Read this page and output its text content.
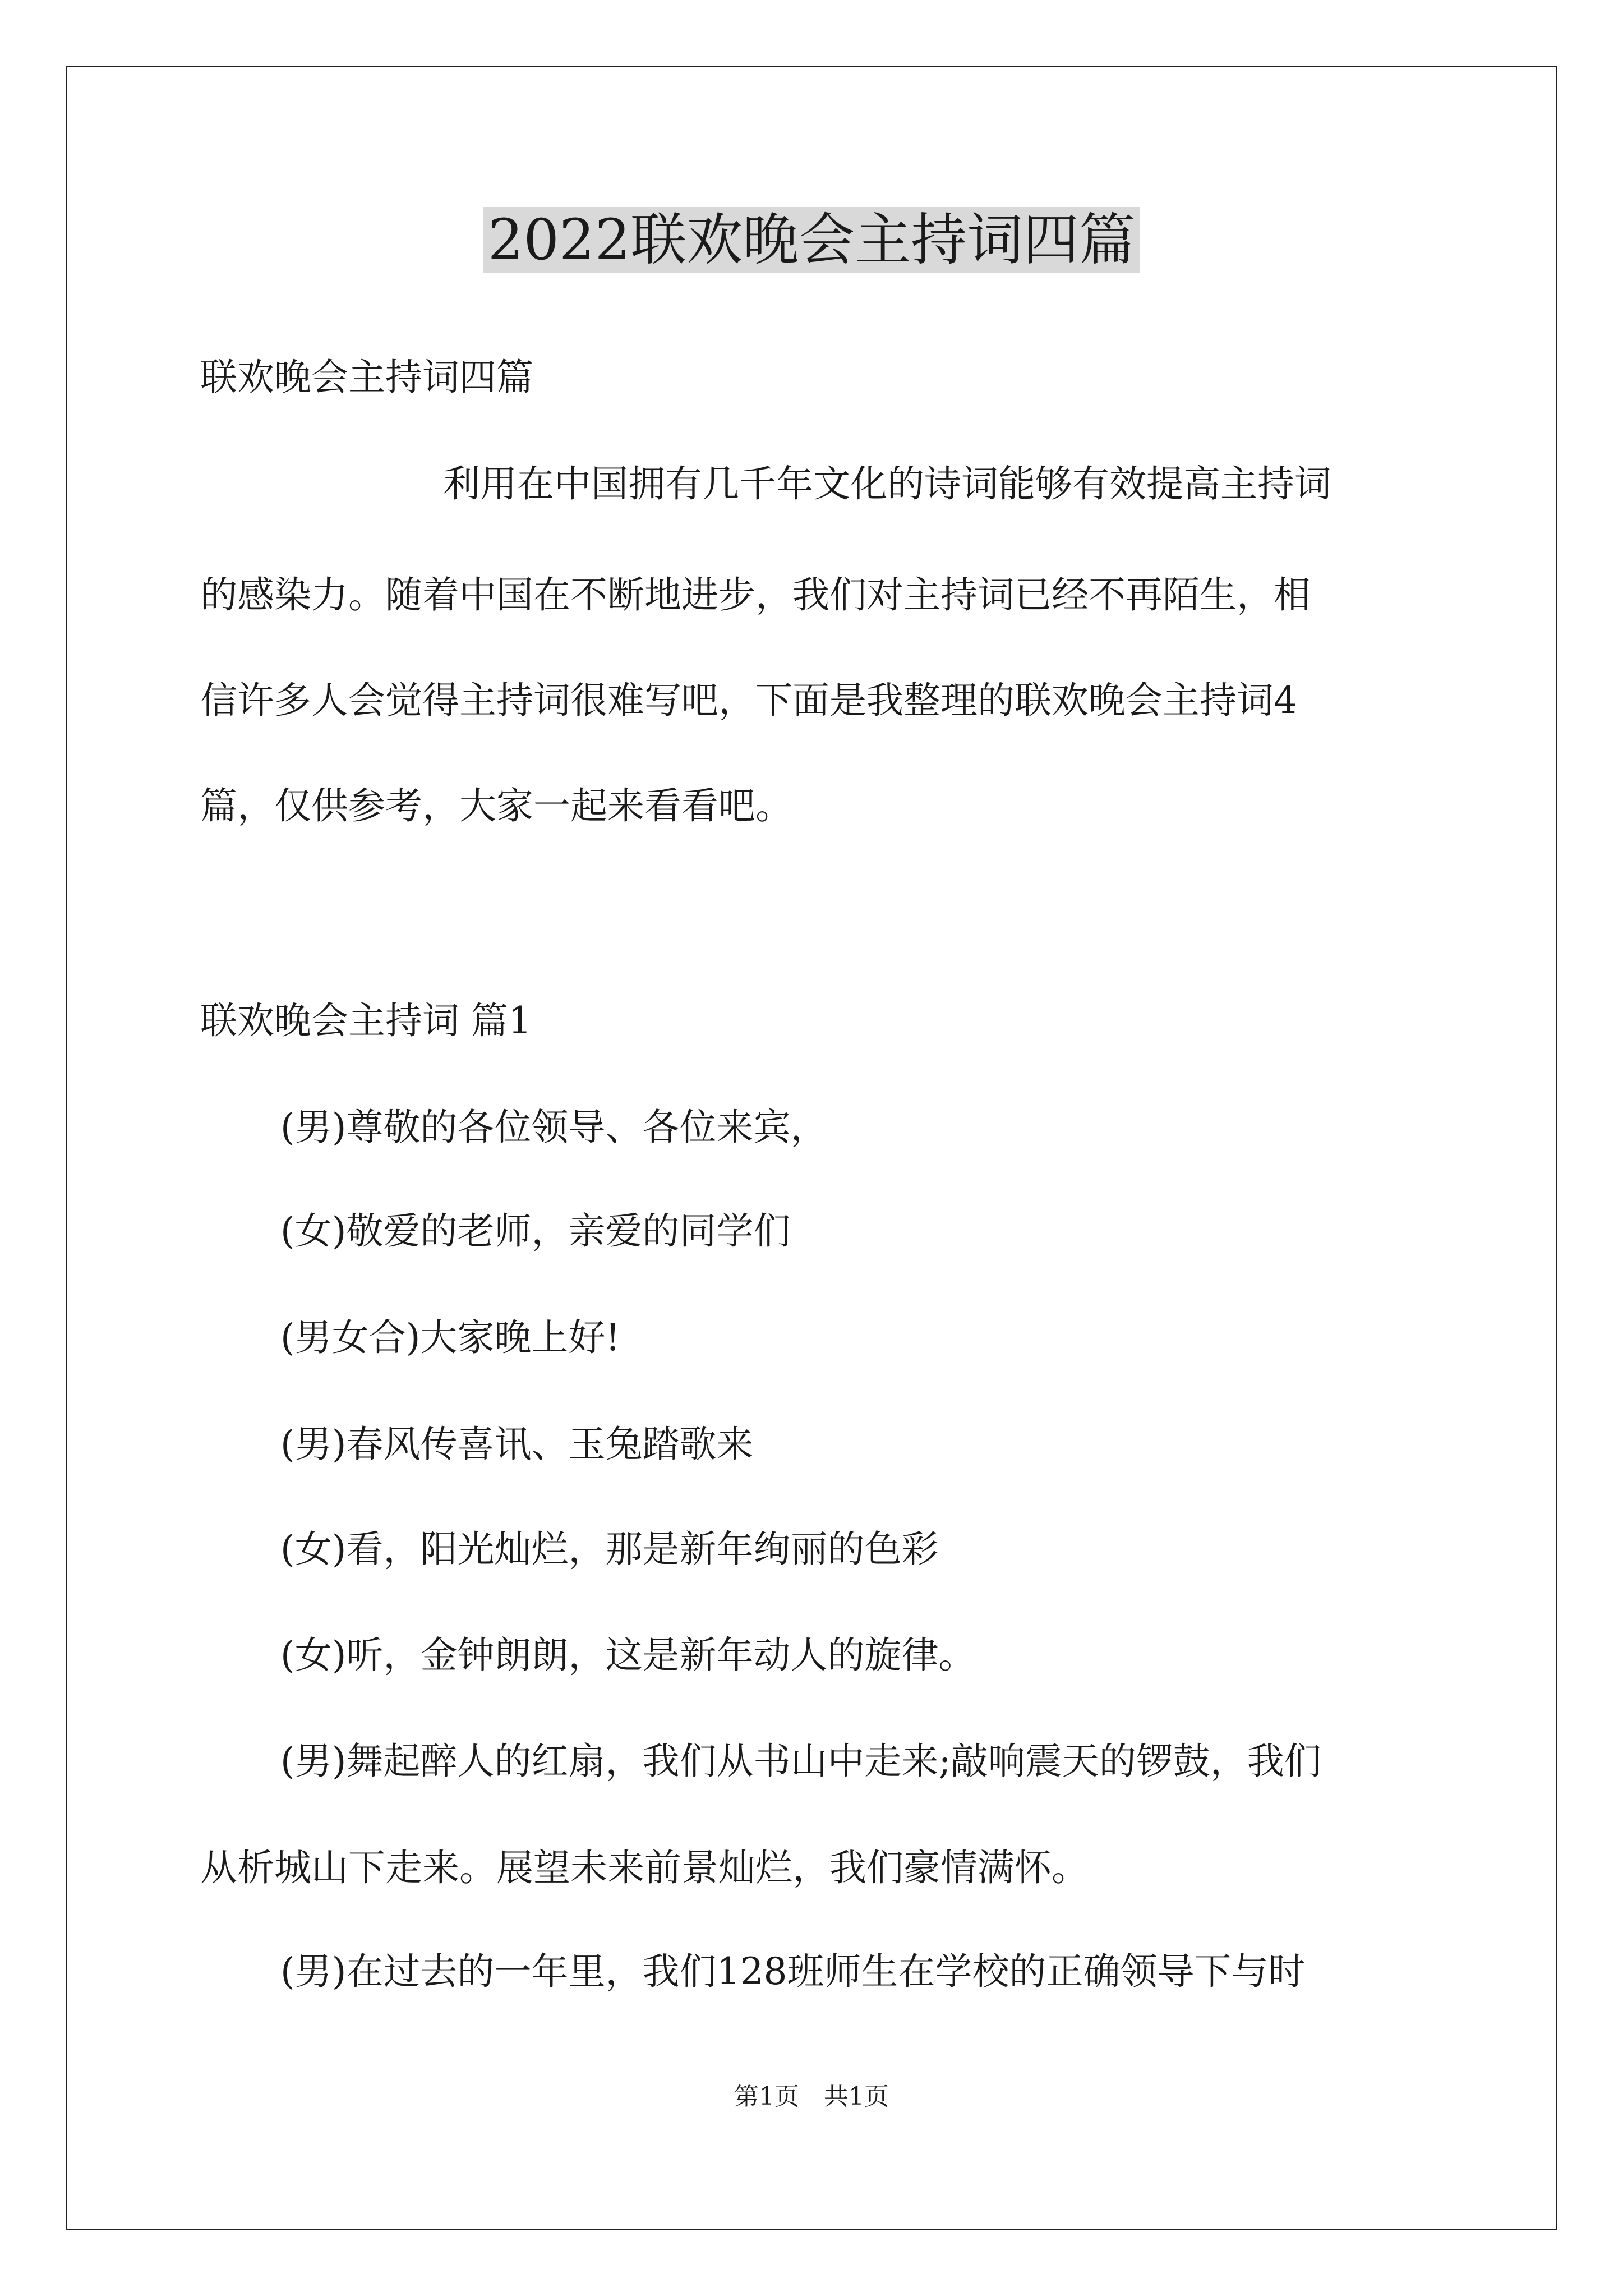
2022联欢晚会主持词四篇

联欢晚会主持词四篇

利用在中国拥有几千年文化的诗词能够有效提高主持词

的感染力。随着中国在不断地进步，我们对主持词已经不再陌生，相

信许多人会觉得主持词很难写吧，下面是我整理的联欢晚会主持词4

篇，仅供参考，大家一起来看看吧。

联欢晚会主持词 篇1

(男)尊敬的各位领导、各位来宾，

(女)敬爱的老师，亲爱的同学们

(男女合)大家晚上好!

(男)春风传喜讯、玉兔踏歌来

(女)看，阳光灿烂，那是新年绚丽的色彩

(女)听，金钟朗朗，这是新年动人的旋律。

(男)舞起醉人的红扇，我们从书山中走来;敲响震天的锣鼓，我们

从析城山下走来。展望未来前景灿烂，我们豪情满怀。

(男)在过去的一年里，我们128班师生在学校的正确领导下与时

第1页　共1页
